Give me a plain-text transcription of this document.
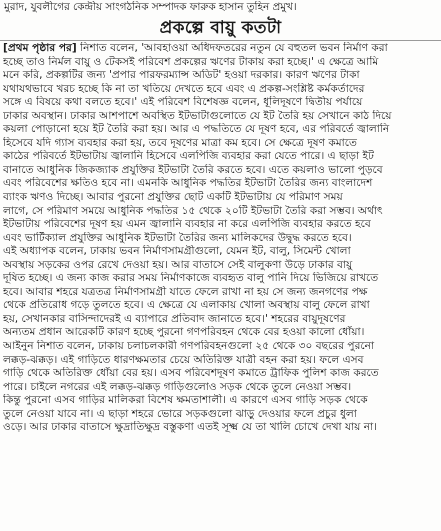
মুরাদ, যুবলীগের কেন্দ্রীয় সাংগঠনিক সম্পাদক ফারুক হাসান তুহিন প্রমুখ।
প্রকল্পে বায়ু কতটা
[প্রথম পৃষ্ঠার পর] নিশাত বলেন, 'আবহাওয়া অধিদফতরের নতুন যে বহুতল ভবন নির্মাণ করা
হচ্ছে তাও নির্মল বায়ু ও টেকসই পরিবেশ প্রকল্পের ঋণের টাকায় করা হচ্ছে।' এ ক্ষেত্রে আমি
মনে করি, প্রকল্পটির জন্য 'প্রপার পারফরম্যান্স অডিট' হওয়া দরকার। কারণ ঋণের টাকা
যথাযথভাবে খরচ হচ্ছে কি না তা খতিয়ে দেখতে হবে এবং এ প্রকল্প-সংশ্লিষ্ট কর্মকর্তাদের
সঙ্গে এ বিষয়ে কথা বলতে হবে।' এই পরিবেশ বিশেষজ্ঞ বলেন, ধূলিদূষণে দ্বিতীয় পর্যায়ে
ঢাকার অবস্থান। ঢাকার আশপাশে অবস্থিত ইটভাটাগুলোতে যে ইট তৈরি হয় সেখানে কাঠ দিয়ে
কয়লা পোড়ানো হয়ে ইট তৈরি করা হয়। আর এ পদ্ধতিতে যে দূষণ হবে, এর পরিবর্তে জ্বালানি
হিসেবে যদি গ্যাস ব্যবহার করা হয়, তবে দূষণের মাত্রা কম হবে। সে ক্ষেত্রে দূষণ কমাতে
কাঠের পরিবর্তে ইটভাটায় জ্বালানি হিসেবে এলপিজি ব্যবহার করা যেতে পারে। এ ছাড়া ইট
বানাতে আধুনিক জিকজ্যাক প্রযুক্তির ইটভাটা তৈরি করতে হবে। এতে কয়লাও ভালো পুড়বে
এবং পরিবেশের ক্ষতিও হবে না। এমনকি আধুনিক পদ্ধতির ইটভাটা তৈরির জন্য বাংলাদেশ
ব্যাংক ঋণও দিচ্ছে। আবার পুরনো প্রযুক্তির ছোট একটি ইটভাটায় যে পরিমাণ সময়
লাগে, সে পরিমাণ সময়ে আধুনিক পদ্ধতির ১৫ থেকে ২০টি ইটভাটা তৈরি করা সম্ভব। অর্থাৎ
ইটভাটায় পরিবেশের দূষণ হয় এমন জ্বালানি ব্যবহার না করে এলপিজি ব্যবহার করতে হবে
এবং ভার্টিক্যাল প্রযুক্তির আধুনিক ইটভাটা তৈরির জন্য মালিকদের উদ্বুদ্ধ করতে হবে।
এই অধ্যাপক বলেন, ঢাকায় ভবন নির্মাণসামগ্রীগুলো, যেমন ইট, বালু, সিমেন্ট খোলা
অবস্থায় সড়কের ওপর রেখে দেওয়া হয়। আর বাতাসে সেই বালুকণা উড়ে ঢাকার বায়ু
দূষিত হচ্ছে। এ জন্য কাজ করার সময় নির্মাণকাজে ব্যবহৃত বালু পানি দিয়ে ভিজিয়ে রাখতে
হবে। আবার শহরে যত্রতত্র নির্মাণসামগ্রী যাতে ফেলে রাখা না হয় সে জন্য জনগণের পক্ষ
থেকে প্রতিরোধ গড়ে তুলতে হবে। এ ক্ষেত্রে যে এলাকায় খোলা অবস্থায় বালু ফেলে রাখা
হয়, সেখানকার বাসিন্দাদেরই এ ব্যাপারে প্রতিবাদ জানাতে হবে।' শহরের বায়ুদূষণের
অন্যতম প্রধান আরেকটি কারণ হচ্ছে পুরনো গণপরিবহন থেকে বের হওয়া কালো ধোঁয়া।
আইনুন নিশাত বলেন, ঢাকায় চলাচলকারী গণপরিবহনগুলো ২৫ থেকে ৩০ বছরের পুরনো
লক্কড়-ঝক্কড়। এই গাড়িতে ধারণক্ষমতার চেয়ে অতিরিক্ত যাত্রী বহন করা হয়। ফলে এসব
গাড়ি থেকে অতিরিক্ত ধোঁয়া বের হয়। এসব পরিবেশদূষণ কমাতে ট্রাফিক পুলিশ কাজ করতে
পারে। চাইলে নগরের এই লক্কড়-ঝক্কড় গাড়িগুলোও সড়ক থেকে তুলে নেওয়া সম্ভব।
কিন্তু পুরনো এসব গাড়ির মালিকরা বিশেষ ক্ষমতাশালী। এ কারণে এসব গাড়ি সড়ক থেকে
তুলে নেওয়া যাবে না। এ ছাড়া শহরে ভোরে সড়কগুলো ঝাড়ু দেওয়ার ফলে প্রচুর ধুলা
ওড়ে। আর ঢাকার বাতাসে ক্ষুদ্রাতিক্ষুদ্র বস্তুকণা এতই সূক্ষ্ম যে তা খালি চোখে দেখা যায় না।
